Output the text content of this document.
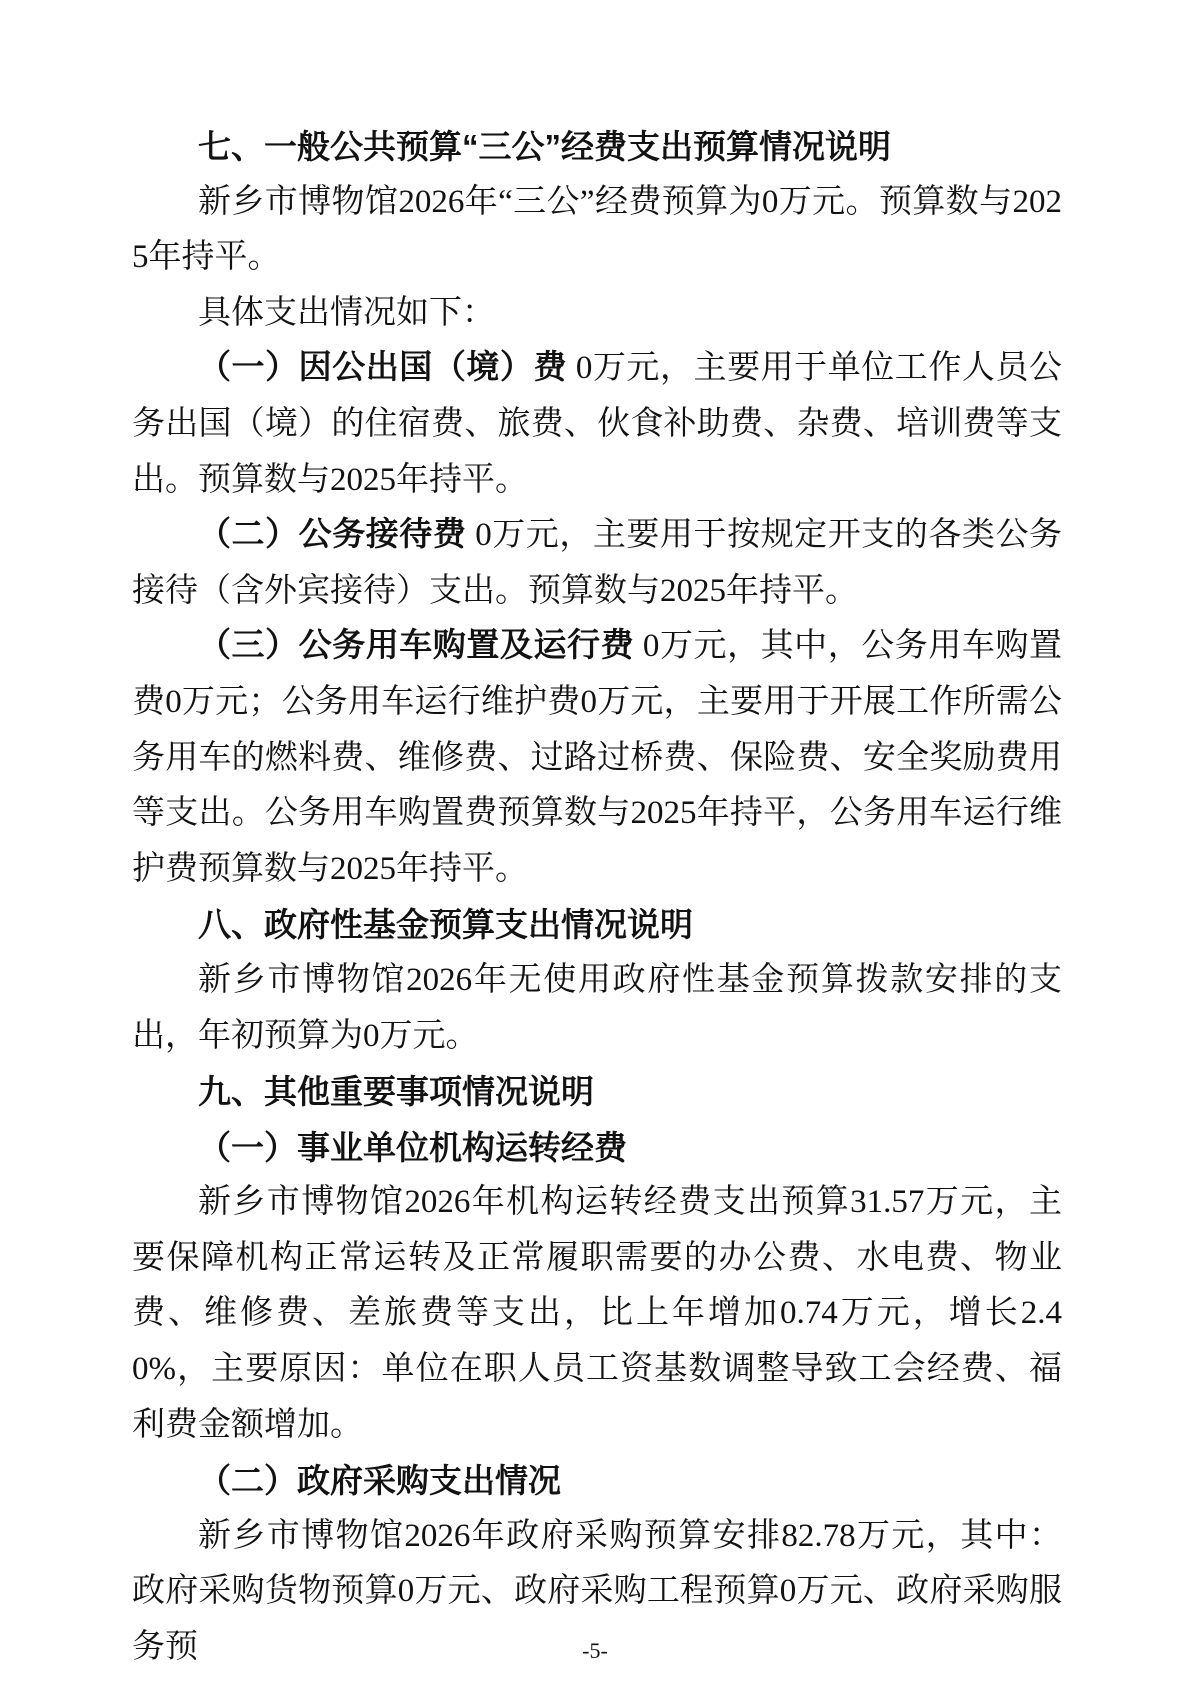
七、一般公共预算“三公”经费支出预算情况说明

新乡市博物馆2026年“三公”经费预算为0万元。预算数与2025年持平。

具体支出情况如下：

（一）因公出国（境）费 0万元，主要用于单位工作人员公务出国（境）的住宿费、旅费、伙食补助费、杂费、培训费等支出。预算数与2025年持平。

（二）公务接待费 0万元，主要用于按规定开支的各类公务接待（含外宾接待）支出。预算数与2025年持平。

（三）公务用车购置及运行费 0万元，其中，公务用车购置费0万元；公务用车运行维护费0万元，主要用于开展工作所需公务用车的燃料费、维修费、过路过桥费、保险费、安全奖励费用等支出。公务用车购置费预算数与2025年持平，公务用车运行维护费预算数与2025年持平。

八、政府性基金预算支出情况说明

新乡市博物馆2026年无使用政府性基金预算拨款安排的支出，年初预算为0万元。

九、其他重要事项情况说明

（一）事业单位机构运转经费

新乡市博物馆2026年机构运转经费支出预算31.57万元，主要保障机构正常运转及正常履职需要的办公费、水电费、物业费、维修费、差旅费等支出，比上年增加0.74万元，增长2.40%，主要原因：单位在职人员工资基数调整导致工会经费、福利费金额增加。

（二）政府采购支出情况

新乡市博物馆2026年政府采购预算安排82.78万元，其中：政府采购货物预算0万元、政府采购工程预算0万元、政府采购服务预	-5-
